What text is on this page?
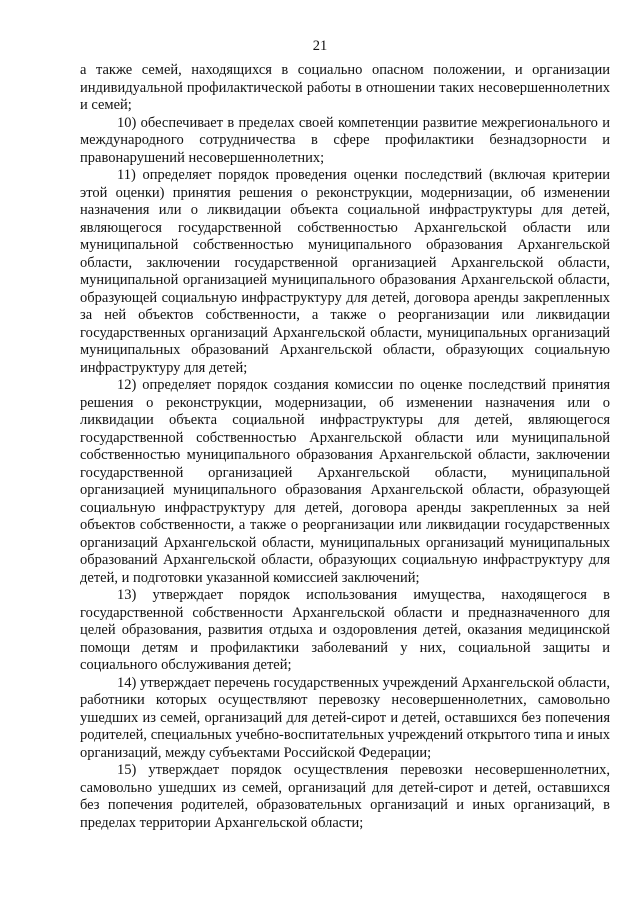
21

а также семей, находящихся в социально опасном положении, и организации индивидуальной профилактической работы в отношении таких несовершеннолетних и семей;

10) обеспечивает в пределах своей компетенции развитие межрегионального и международного сотрудничества в сфере профилактики безнадзорности и правонарушений несовершеннолетних;

11) определяет порядок проведения оценки последствий (включая критерии этой оценки) принятия решения о реконструкции, модернизации, об изменении назначения или о ликвидации объекта социальной инфраструктуры для детей, являющегося государственной собственностью Архангельской области или муниципальной собственностью муниципального образования Архангельской области, заключении государственной организацией Архангельской области, муниципальной организацией муниципального образования Архангельской области, образующей социальную инфраструктуру для детей, договора аренды закрепленных за ней объектов собственности, а также о реорганизации или ликвидации государственных организаций Архангельской области, муниципальных организаций муниципальных образований Архангельской области, образующих социальную инфраструктуру для детей;

12) определяет порядок создания комиссии по оценке последствий принятия решения о реконструкции, модернизации, об изменении назначения или о ликвидации объекта социальной инфраструктуры для детей, являющегося государственной собственностью Архангельской области или муниципальной собственностью муниципального образования Архангельской области, заключении государственной организацией Архангельской области, муниципальной организацией муниципального образования Архангельской области, образующей социальную инфраструктуру для детей, договора аренды закрепленных за ней объектов собственности, а также о реорганизации или ликвидации государственных организаций Архангельской области, муниципальных организаций муниципальных образований Архангельской области, образующих социальную инфраструктуру для детей, и подготовки указанной комиссией заключений;

13) утверждает порядок использования имущества, находящегося в государственной собственности Архангельской области и предназначенного для целей образования, развития отдыха и оздоровления детей, оказания медицинской помощи детям и профилактики заболеваний у них, социальной защиты и социального обслуживания детей;

14) утверждает перечень государственных учреждений Архангельской области, работники которых осуществляют перевозку несовершеннолетних, самовольно ушедших из семей, организаций для детей-сирот и детей, оставшихся без попечения родителей, специальных учебно-воспитательных учреждений открытого типа и иных организаций, между субъектами Российской Федерации;

15) утверждает порядок осуществления перевозки несовершеннолетних, самовольно ушедших из семей, организаций для детей-сирот и детей, оставшихся без попечения родителей, образовательных организаций и иных организаций, в пределах территории Архангельской области;
